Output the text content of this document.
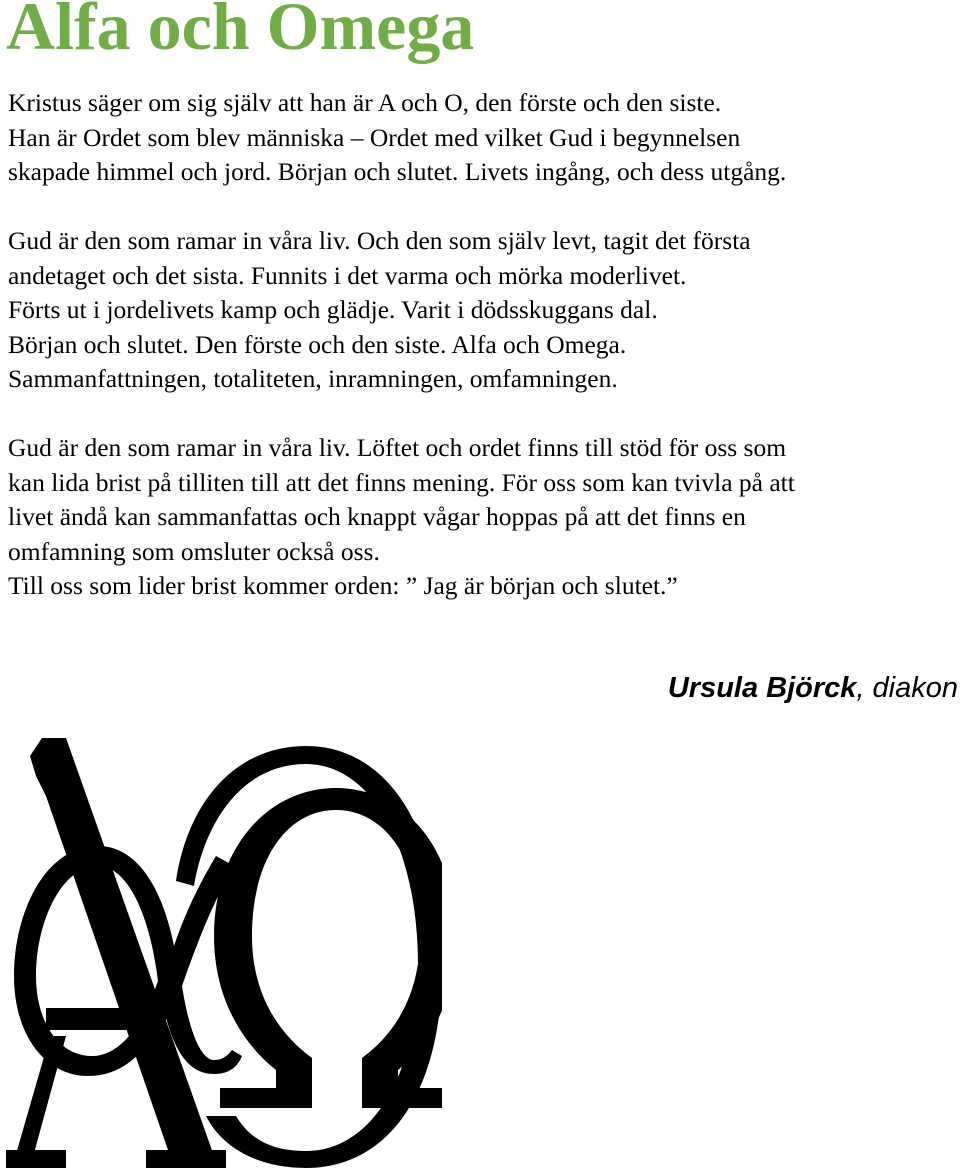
Alfa och Omega

Kristus säger om sig själv att han är A och O, den förste och den siste.
Han är Ordet som blev människa – Ordet med vilket Gud i begynnelsen
skapade himmel och jord. Början och slutet. Livets ingång, och dess utgång.

Gud är den som ramar in våra liv. Och den som själv levt, tagit det första
andetaget och det sista. Funnits i det varma och mörka moderlivet.
Förts ut i jordelivets kamp och glädje. Varit i dödsskuggans dal.
Början och slutet. Den förste och den siste. Alfa och Omega.
Sammanfattningen, totaliteten, inramningen, omfamningen.

Gud är den som ramar in våra liv. Löftet och ordet finns till stöd för oss som
kan lida brist på tilliten till att det finns mening. För oss som kan tvivla på att
livet ändå kan sammanfattas och knappt vågar hoppas på att det finns en
omfamning som omsluter också oss.

Till oss som lider brist kommer orden: ” Jag är början och slutet.”

Ursula Björck, diakon
